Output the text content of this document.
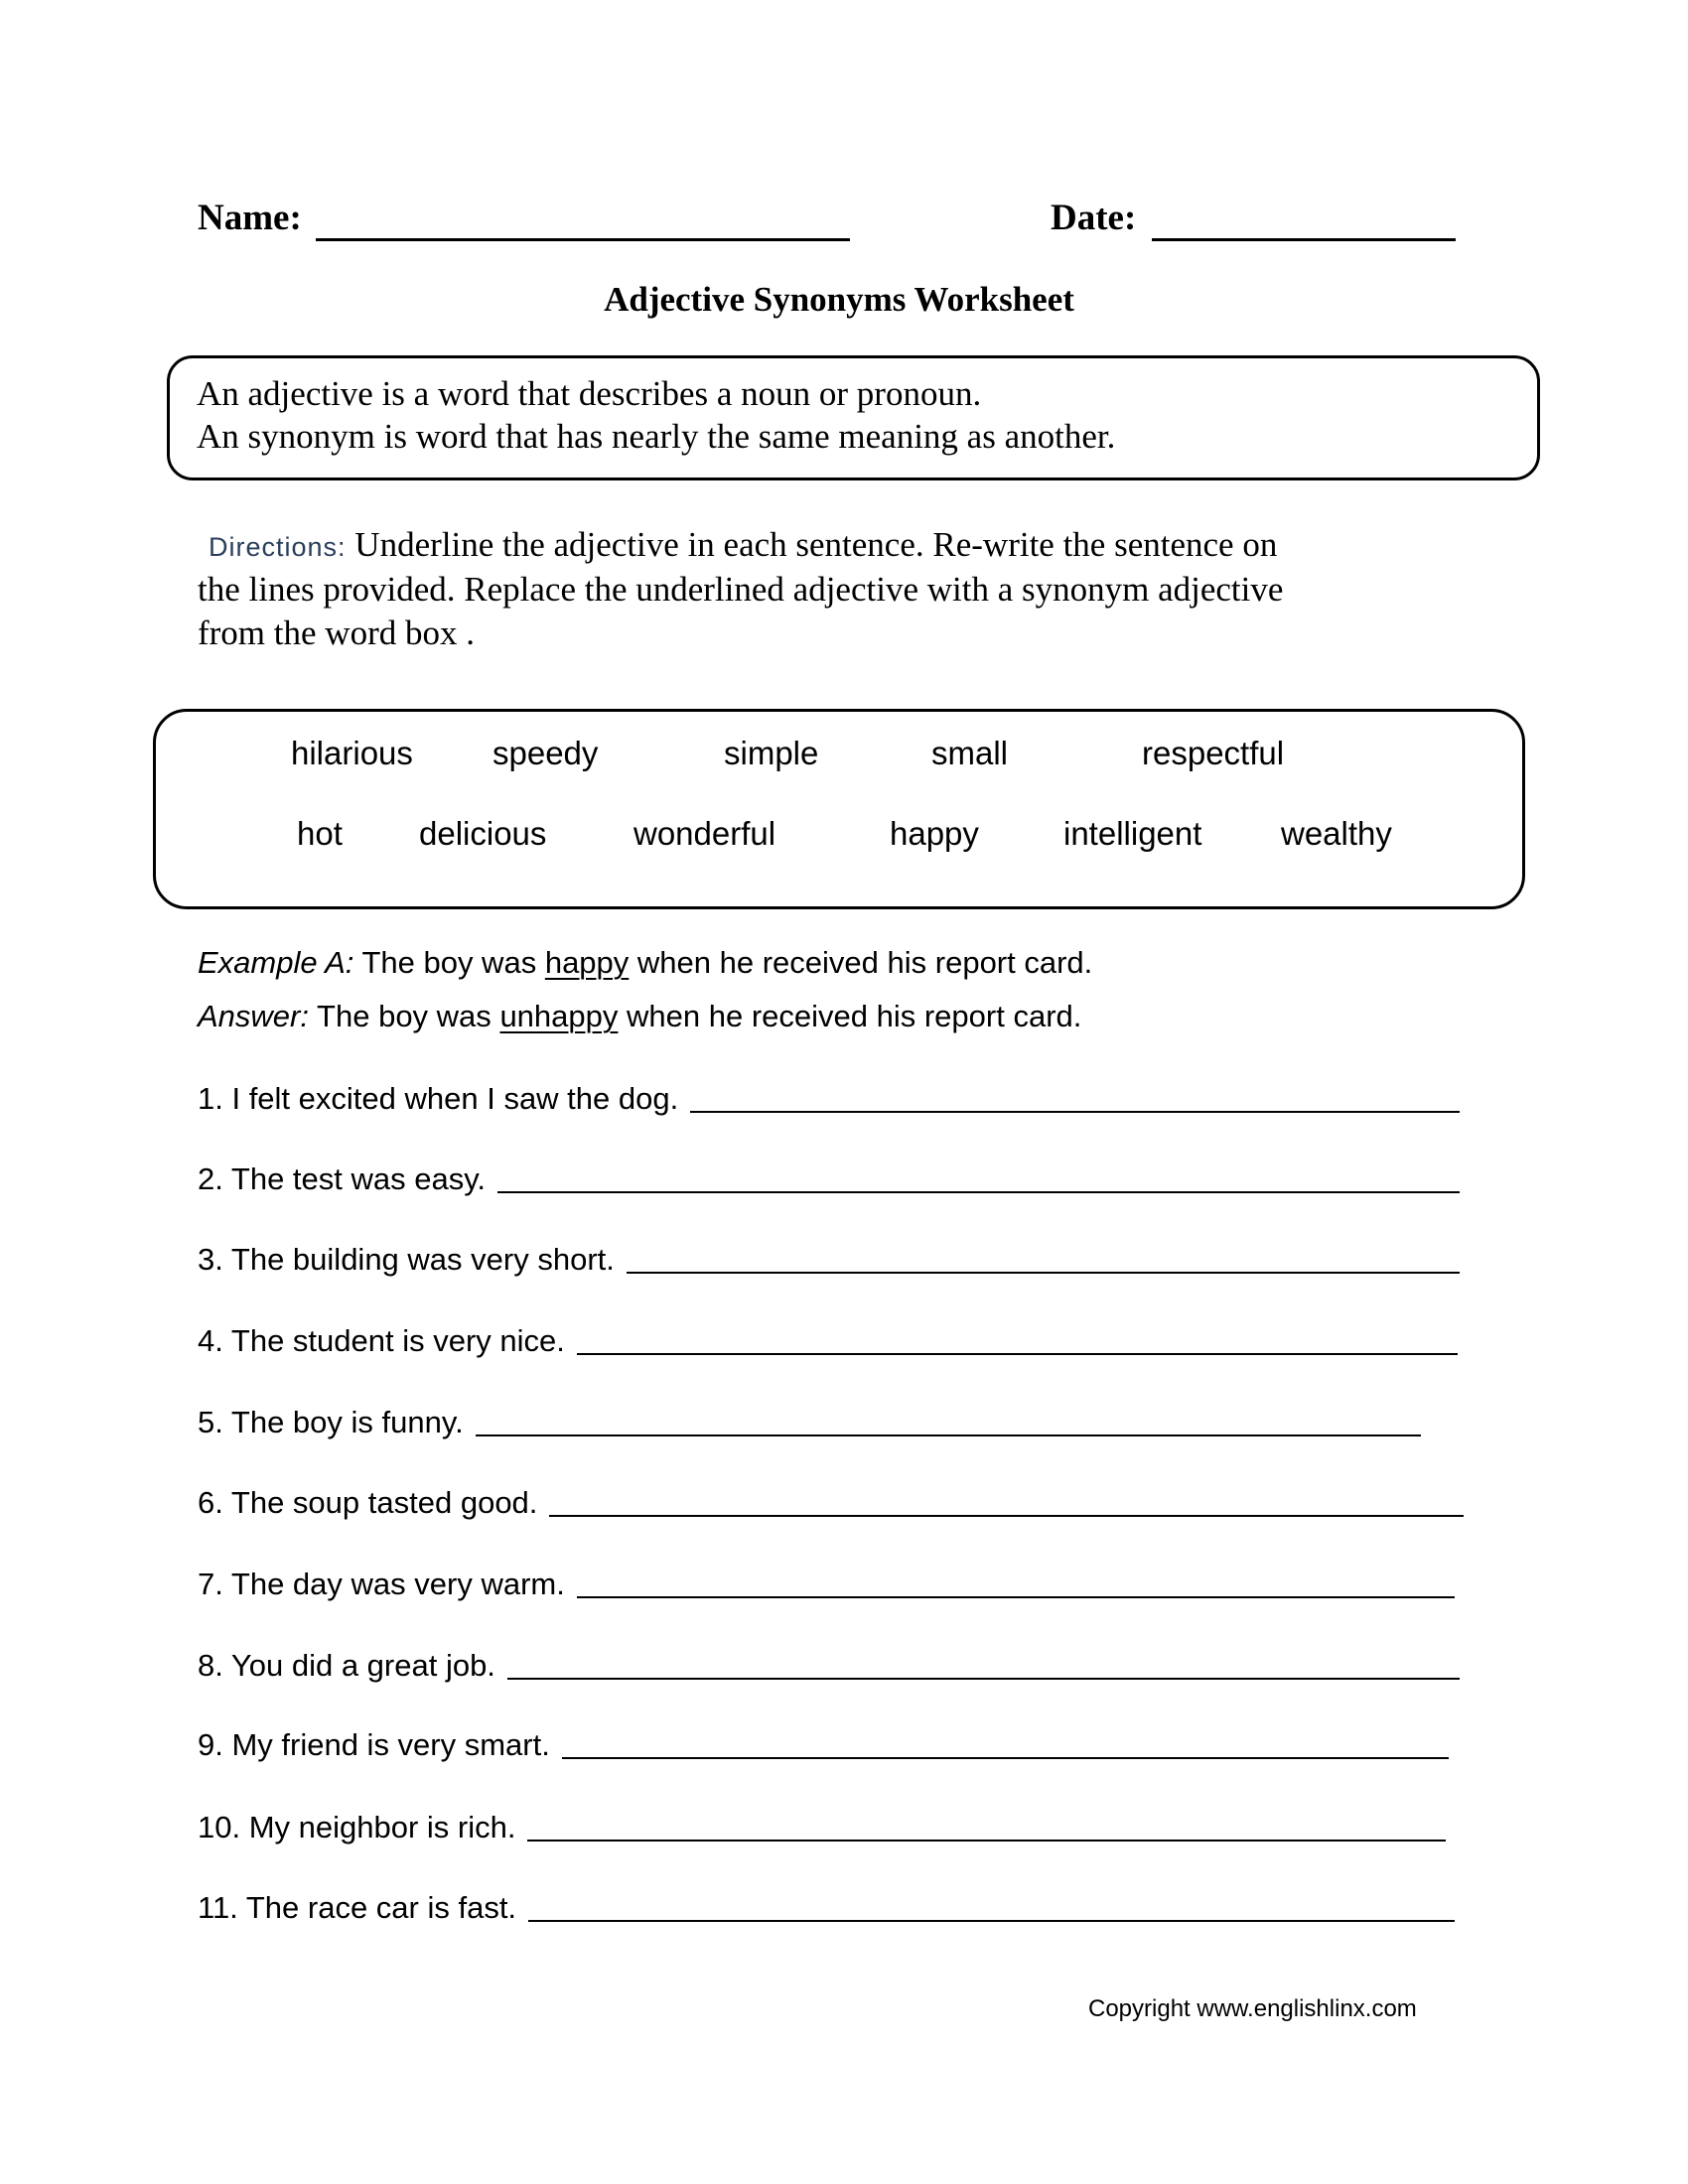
Name:	Date:
Adjective Synonyms Worksheet
An adjective is a word that describes a noun or pronoun.
An synonym is word that has nearly the same meaning as another.
Directions: Underline the adjective in each sentence. Re-write the sentence on
the lines provided. Replace the underlined adjective with a synonym adjective
from the word box .
hilarious speedy	simple	small	respectful
hot delicious	wonderful	happy	intelligent wealthy
Example A: The boy was happy when he received his report card.
Answer: The boy was unhappy when he received his report card.
1. I felt excited when I saw the dog.
2. The test was easy.
3. The building was very short.
4. The student is very nice.
5. The boy is funny.
6. The soup tasted good.
7. The day was very warm.
8. You did a great job.
9. My friend is very smart.
10. My neighbor is rich.
11. The race car is fast.
Copyright www.englishlinx.com
